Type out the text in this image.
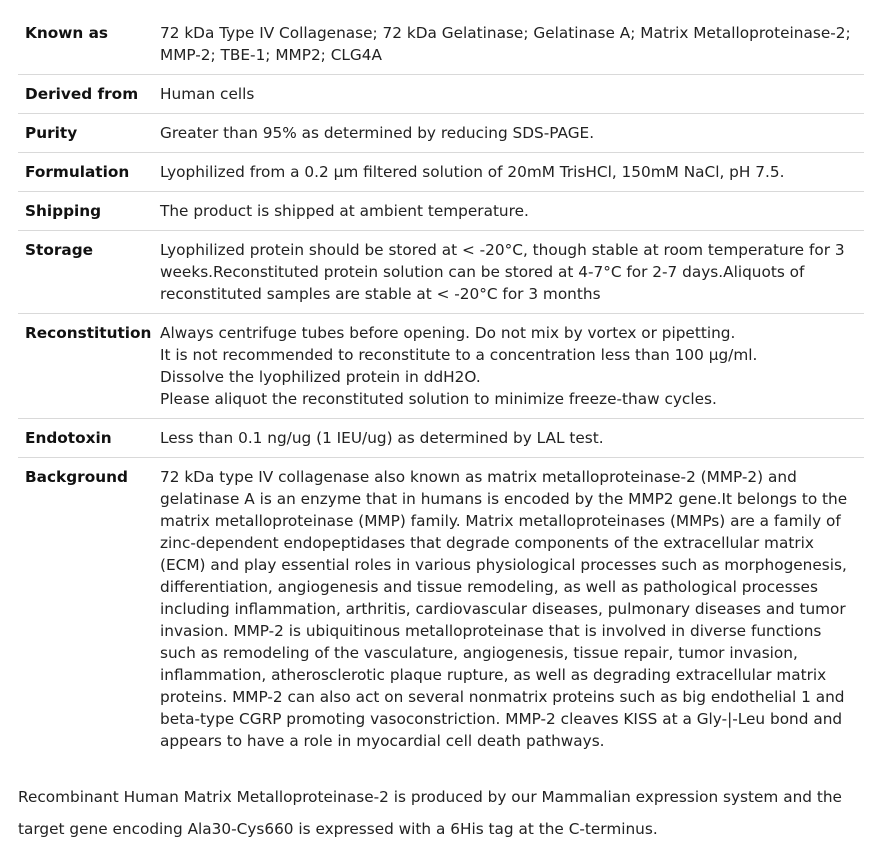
Known as	72 kDa Type IV Collagenase; 72 kDa Gelatinase; Gelatinase A; Matrix Metalloproteinase-2; MMP-2; TBE-1; MMP2; CLG4A

Derived from	Human cells

Purity	Greater than 95% as determined by reducing SDS-PAGE.

Formulation	Lyophilized from a 0.2 μm filtered solution of 20mM TrisHCl, 150mM NaCl, pH 7.5.

Shipping	The product is shipped at ambient temperature.

Storage	Lyophilized protein should be stored at < -20°C, though stable at room temperature for 3 weeks.Reconstituted protein solution can be stored at 4-7°C for 2-7 days.Aliquots of reconstituted samples are stable at < -20°C for 3 months

Reconstitution	Always centrifuge tubes before opening. Do not mix by vortex or pipetting.
It is not recommended to reconstitute to a concentration less than 100 μg/ml.
Dissolve the lyophilized protein in ddH2O.
Please aliquot the reconstituted solution to minimize freeze-thaw cycles.

Endotoxin	Less than 0.1 ng/ug (1 IEU/ug) as determined by LAL test.

Background	72 kDa type IV collagenase also known as matrix metalloproteinase-2 (MMP-2) and gelatinase A is an enzyme that in humans is encoded by the MMP2 gene.It belongs to the matrix metalloproteinase (MMP) family. Matrix metalloproteinases (MMPs) are a family of zinc-dependent endopeptidases that degrade components of the extracellular matrix (ECM) and play essential roles in various physiological processes such as morphogenesis, differentiation, angiogenesis and tissue remodeling, as well as pathological processes including inflammation, arthritis, cardiovascular diseases, pulmonary diseases and tumor invasion. MMP-2 is ubiquitinous metalloproteinase that is involved in diverse functions such as remodeling of the vasculature, angiogenesis, tissue repair, tumor invasion, inflammation, atherosclerotic plaque rupture, as well as degrading extracellular matrix proteins. MMP-2 can also act on several nonmatrix proteins such as big endothelial 1 and beta-type CGRP promoting vasoconstriction. MMP-2 cleaves KISS at a Gly-|-Leu bond and appears to have a role in myocardial cell death pathways.
Recombinant Human Matrix Metalloproteinase-2 is produced by our Mammalian expression system and the target gene encoding Ala30-Cys660 is expressed with a 6His tag at the C-terminus.
